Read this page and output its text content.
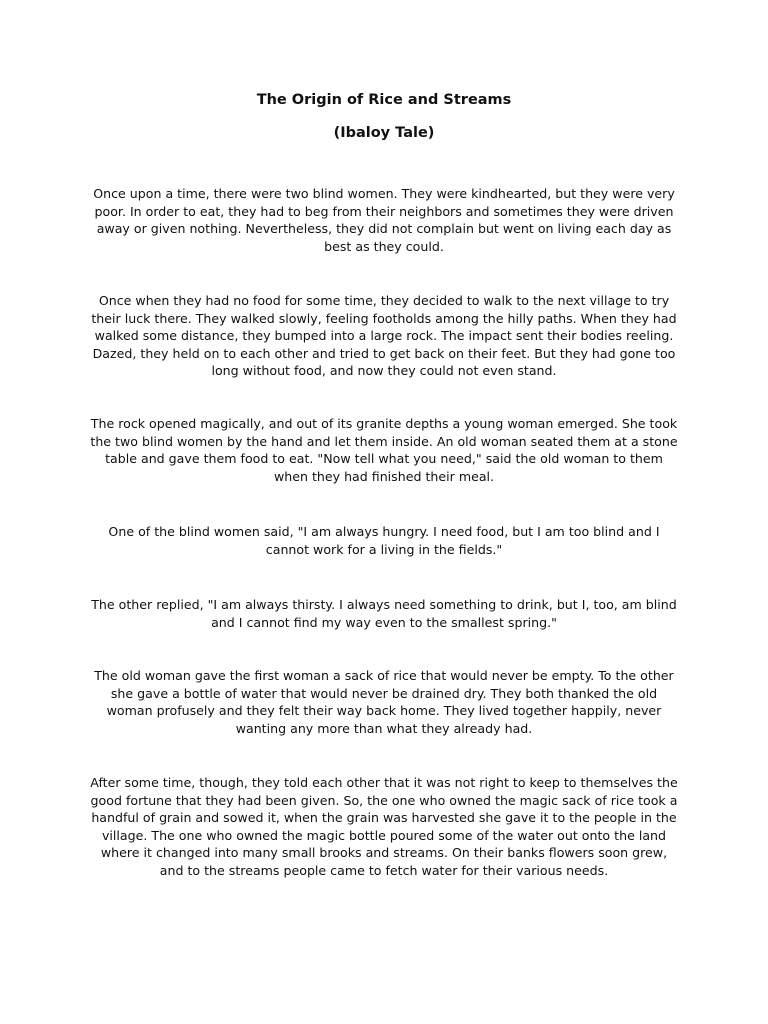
The Origin of Rice and Streams
(Ibaloy Tale)

Once upon a time, there were two blind women. They were kindhearted, but they were very poor. In order to eat, they had to beg from their neighbors and sometimes they were driven away or given nothing. Nevertheless, they did not complain but went on living each day as best as they could.

Once when they had no food for some time, they decided to walk to the next village to try their luck there. They walked slowly, feeling footholds among the hilly paths. When they had walked some distance, they bumped into a large rock. The impact sent their bodies reeling. Dazed, they held on to each other and tried to get back on their feet. But they had gone too long without food, and now they could not even stand.

The rock opened magically, and out of its granite depths a young woman emerged. She took the two blind women by the hand and let them inside. An old woman seated them at a stone table and gave them food to eat. "Now tell what you need," said the old woman to them when they had finished their meal.

One of the blind women said, "I am always hungry. I need food, but I am too blind and I cannot work for a living in the fields."

The other replied, "I am always thirsty. I always need something to drink, but I, too, am blind and I cannot find my way even to the smallest spring."

The old woman gave the first woman a sack of rice that would never be empty. To the other she gave a bottle of water that would never be drained dry. They both thanked the old woman profusely and they felt their way back home. They lived together happily, never wanting any more than what they already had.

After some time, though, they told each other that it was not right to keep to themselves the good fortune that they had been given. So, the one who owned the magic sack of rice took a handful of grain and sowed it, when the grain was harvested she gave it to the people in the village. The one who owned the magic bottle poured some of the water out onto the land where it changed into many small brooks and streams. On their banks flowers soon grew, and to the streams people came to fetch water for their various needs.
